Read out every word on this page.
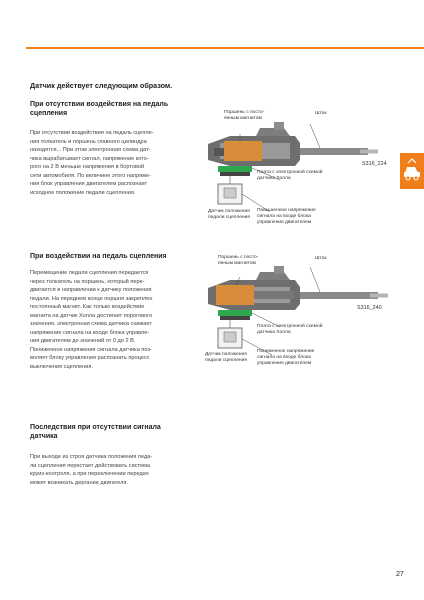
Датчик действует следующим образом.
При отсутствии воздействия на педаль
сцепления
При отсутствии воздействия на педаль сцепле-
ния толкатель и поршень главного цилиндра
находятся... При этом электронная схема дат-
чика вырабатывает сигнал, напряжение кото-
рого на 2 В меньше напряжения в бортовой
сети автомобиля. По величине этого напряже-
ния блок управления двигателем распознает
исходное положение педали сцепления.
При воздействии на педаль сцепления
Перемещение педали сцепления передается
через толкатель на поршень, который пере-
двигается в направлении к датчику положения
педали. На переднем конце поршня закреплен
постоянный магнит. Как только воздействие
магнита на датчик Холла достигает порогового
значения, электронная схема датчика снижает
напряжение сигнала на входе блока управле-
ния двигателем до значений от 0 до 2 В.
Пониженное напряжение сигнала датчика поз-
воляет блоку управления распознать процесс
выключения сцепления.
Последствия при отсутствии сигнала
датчика
При выходе из строя датчика положения педа-
ли сцепления перестает действовать система
круиз-контроля, а при переключении передач
может возникать дергание двигателя.
Поршень с посто-
янным магнитом
Шток
S316_224
Плата с электронной схемой
датчика Холла
Датчик положения
педали сцепления
Повышенное напряжение
сигнала на входе блока
управления двигателем
Поршень с посто-
янным магнитом
Шток
S316_240
Плата с электронной схемой
датчика Холла
Датчик положения
педали сцепления
Пониженное напряжение
сигнала на входе блока
управления двигателем
27
